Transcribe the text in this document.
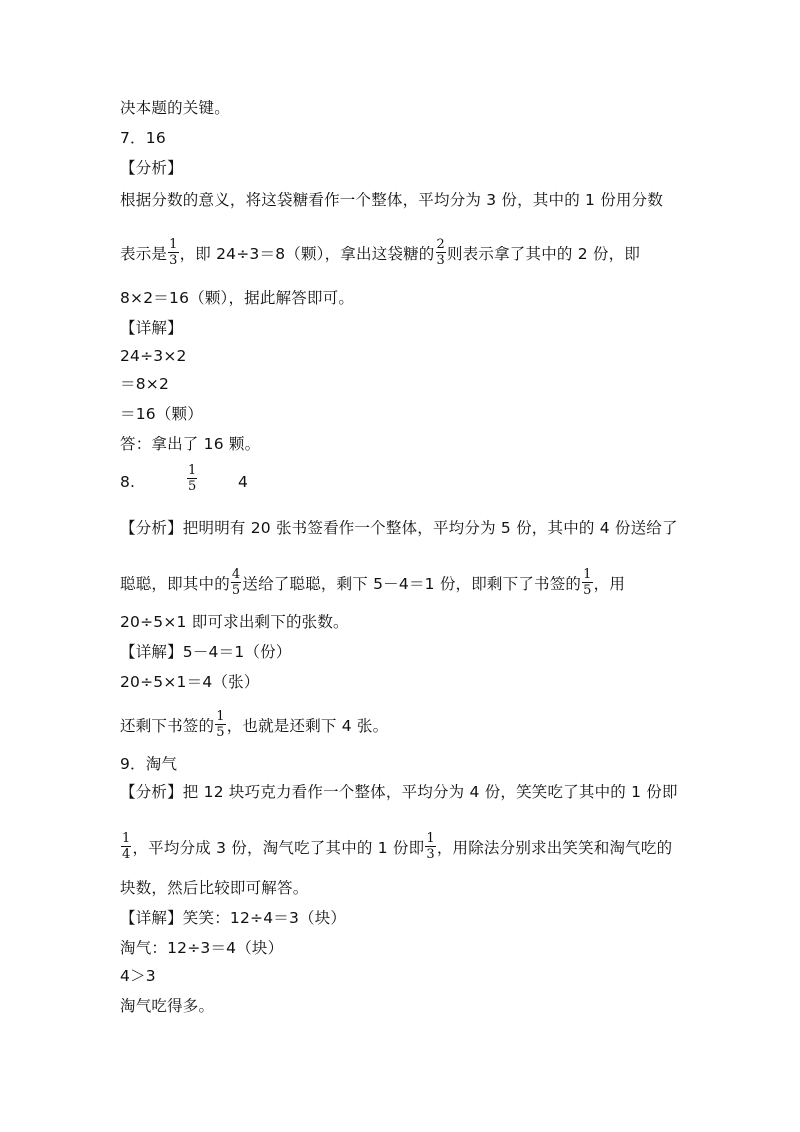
决本题的关键。
7．16
【分析】
根据分数的意义，将这袋糖看作一个整体，平均分为 3 份，其中的 1 份用分数
表示是 $\frac{1}{3}$ ，即 24÷3＝8（颗），拿出这袋糖的 $\frac{2}{3}$ 则表示拿了其中的 2 份，即
8×2＝16（颗），据此解答即可。
【详解】
24÷3×2
＝8×2
＝16（颗）
答：拿出了 16 颗。
8.
1
5	4
【分析】把明明有 20 张书签看作一个整体，平均分为 5 份，其中的 4 份送给了
聪聪，即其中的 $\frac{4}{5}$ 送给了聪聪，剩下 5－4＝1 份，即剩下了书签的 $\frac{1}{5}$ ，用
20÷5×1 即可求出剩下的张数。
【详解】5－4＝1（份）
20÷5×1＝4（张）
还剩下书签的 $\frac{1}{5}$ ，也就是还剩下 4 张。
9．淘气
【分析】把 12 块巧克力看作一个整体，平均分为 4 份，笑笑吃了其中的 1 份即
$\frac{1}{4}$ ，平均分成 3 份，淘气吃了其中的 1 份即 $\frac{1}{3}$ ，用除法分别求出笑笑和淘气吃的
块数，然后比较即可解答。
【详解】笑笑：12÷4＝3（块）
淘气：12÷3＝4（块）
4＞3
淘气吃得多。
